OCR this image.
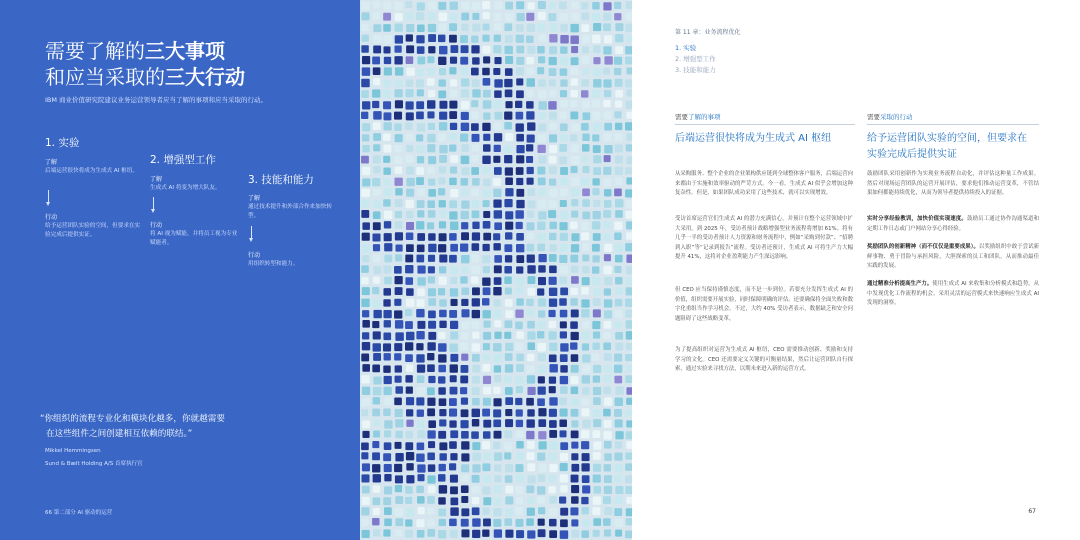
需要了解的三大事项
和应当采取的三大行动
IBM 商业价值研究院建议业务运营领导者应当了解的事项和应当采取的行动。
1. 实验
了解
后端运营很快将成为生成式 AI 枢纽。
行动
给予运营团队实验的空间，但要求在实验完成后提供实证。
2. 增强型工作
了解
生成式 AI 将变为增大队友。
行动
将 AI 视为赋能，并将员工视为专业赋能者。
3. 技能和能力
了解
通过技术提升和外部合作来加快转型。
行动
用组织转型和能力。
“你组织的流程专业化和模块化越多，你就越需要
在这些组件之间创建相互依赖的联结。”
Mikkel Hemmingsen
Sund & Bælt Holding A/S 首席执行官
66 第二部分 AI 驱动的运营
第 11 章：业务流程优化
1. 实验
2. 增强型工作
3. 技能和能力
需要了解的事项
后端运营很快将成为生成式 AI 枢纽
从采购服务、整个企业的企业架构供应链到全球整体客户服务，后端运营向来都由于实施和效率驱动的严苛方式。今一看，生成式 AI 似乎会增加这种复杂性。但是，如果团队成功采用了这些技术，就可以实现增效。
受访首席运营官们生成式 AI 的潜力充满信心，并预计在整个运营领域中扩大采用。到 2025 年，受访者预计战略增强型业务流程将增加 61%。将有几乎一半的受访者预计人力资源和财务流程中，例如“采购到付款”、“招聘到入职”等“记录到报告”流程。受访者还预计，生成式 AI 可将生产力大幅提升 41%，这将对企业盈利能力产生深远影响。
但 CEO 应当保持谨慎态度，而不是一步到位。若要充分发挥生成式 AI 的价值，组织需要开展实验，同时保障明确的评估。还要确保将全面失败和数字化重组当作学习机会。不过，大约 40% 受访者表示，数据缺乏和安全问题阻碍了这些战略变革。
为了提高组织对运营为生成式 AI 枢纽，CEO 需要推动创新、奖励和支持学习的文化。CEO 还需要定义关键的可衡量结果，然后让运营团队自行探索，通过实验来寻找方法，以期未来进入新的运营方式。
需要采取的行动
给予运营团队实验的空间，但要求在
实验完成后提供实证
鼓励团队采用创新作为实现业务流程自动化，并评估这种量工作成果。然后对现场运营团队的运营开展评估，要求他们推动运营变革，不管结果如何都能持续优化，从而为领导者提供持续投入的证据。
实时分享经验教训，加快价值实现速度。鼓励员工通过协作沟通渠道和定期工作日志或门户网站分享心得经验。
奖励团队的创新精神（而不仅仅是重要成果）。以奖励组织中敢于尝试新鲜事物、勇于冒险与承担风险，大胆探索的员工和团队。从而推动最佳实践的发展。
通过精准分析提高生产力。使用生成式 AI 来收集和分析模式和趋势，从中发现优化工作流程的机会。采用灵活的运营模式来快速响应生成式 AI 发现的洞察。
67
